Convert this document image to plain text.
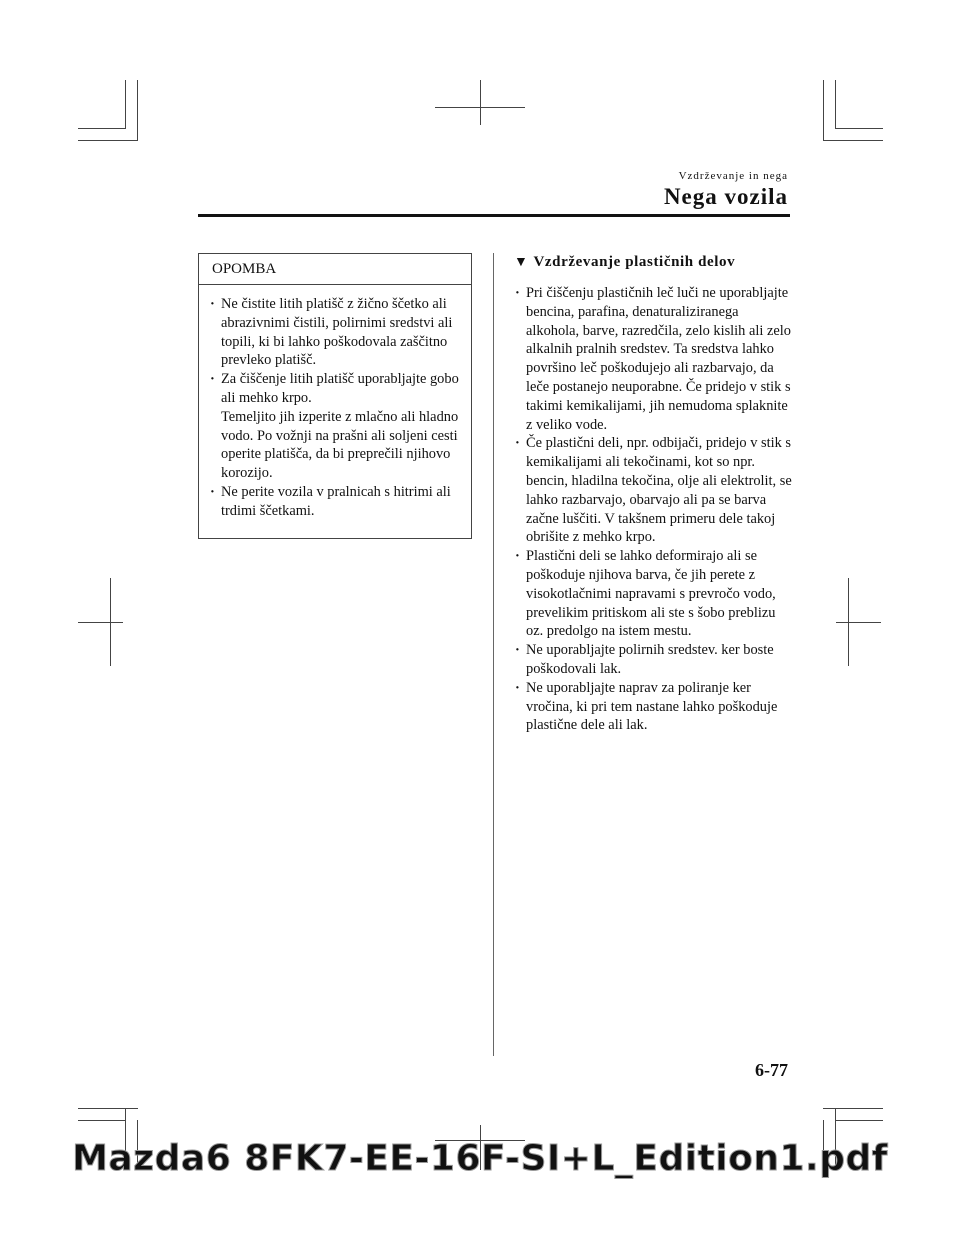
Vzdrževanje in nega
Nega vozila
OPOMBA
· Ne čistite litih platišč z žično ščetko ali abrazivnimi čistili, polirnimi sredstvi ali topili, ki bi lahko poškodovala zaščitno prevleko platišč.
· Za čiščenje litih platišč uporabljajte gobo ali mehko krpo.
Temeljito jih izperite z mlačno ali hladno vodo. Po vožnji na prašni ali soljeni cesti operite platišča, da bi preprečili njihovo korozijo.
· Ne perite vozila v pralnicah s hitrimi ali trdimi ščetkami.
▼ Vzdrževanje plastičnih delov
· Pri čiščenju plastičnih leč luči ne uporabljajte bencina, parafina, denaturaliziranega alkohola, barve, razredčila, zelo kislih ali zelo alkalnih pralnih sredstev. Ta sredstva lahko površino leč poškodujejo ali razbarvajo, da leče postanejo neuporabne. Če pridejo v stik s takimi kemikalijami, jih nemudoma splaknite z veliko vode.
· Če plastični deli, npr. odbijači, pridejo v stik s kemikalijami ali tekočinami, kot so npr. bencin, hladilna tekočina, olje ali elektrolit, se lahko razbarvajo, obarvajo ali pa se barva začne luščiti. V takšnem primeru dele takoj obrišite z mehko krpo.
· Plastični deli se lahko deformirajo ali se poškoduje njihova barva, če jih perete z visokotlačnimi napravami s prevročo vodo, prevelikim pritiskom ali ste s šobo preblizu oz. predolgo na istem mestu.
· Ne uporabljajte polirnih sredstev. ker boste poškodovali lak.
· Ne uporabljajte naprav za poliranje ker vročina, ki pri tem nastane lahko poškoduje plastične dele ali lak.
6-77
Mazda6 8FK7-EE-16F-SI+L_Edition1.pdf
